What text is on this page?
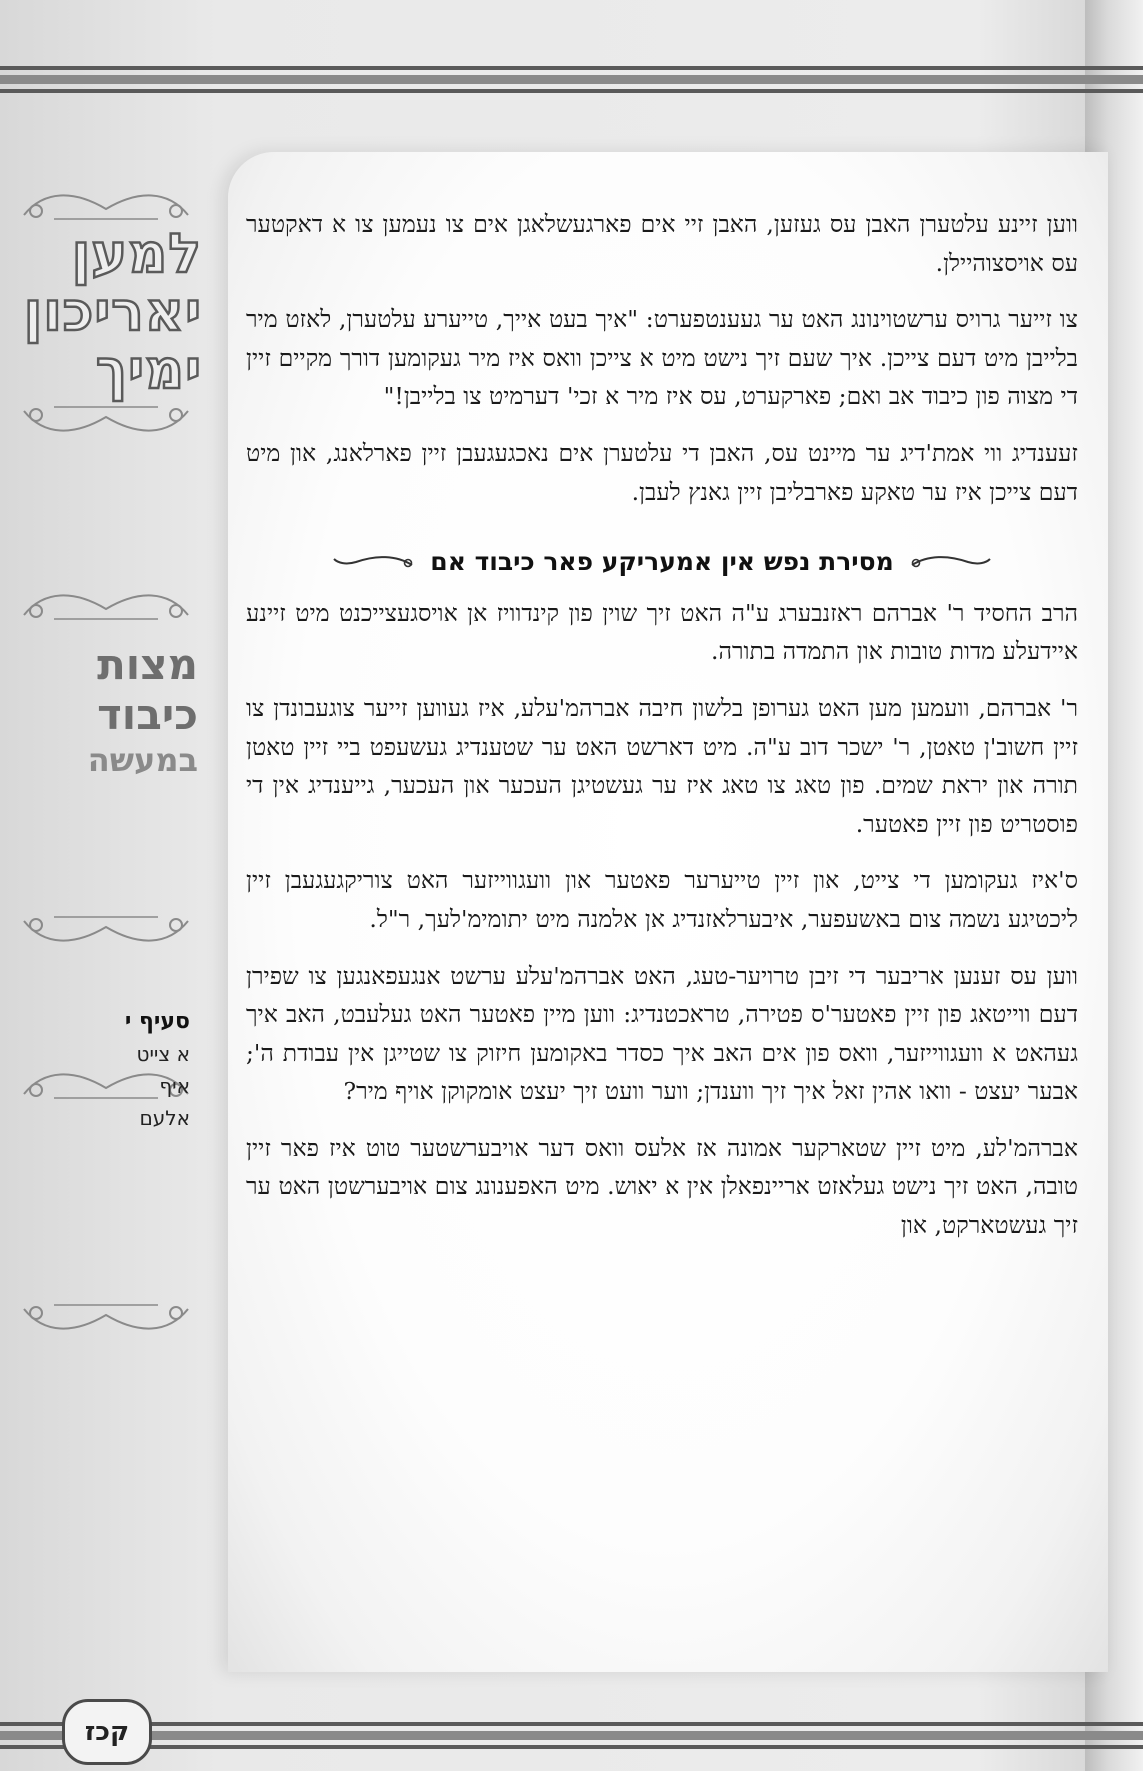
למען
יאריכון
ימיך
מצות
כיבוד
במעשה
סעיף י
א צייט
איף
אלעם

ווען זיינע עלטערן האבן עס געזען, האבן זיי אים פארגעשלאגן אים צו נעמען צו א דאקטער עס אויסצוהיילן.

צו זייער גרויס ערשטוינונג האט ער געענטפערט: "איך בעט אייך, טייערע עלטערן, לאזט מיר בלייבן מיט דעם צייכן. איך שעם זיך נישט מיט א צייכן וואס איז מיר געקומען דורך מקיים זיין די מצוה פון כיבוד אב ואם; פארקערט, עס איז מיר א זכי' דערמיט צו בלייבן!"

זעענדיג ווי אמת'דיג ער מיינט עס, האבן די עלטערן אים נאכגעגעבן זיין פארלאנג, און מיט דעם צייכן איז ער טאקע פארבליבן זיין גאנץ לעבן.

מסירת נפש אין אמעריקע פאר כיבוד אם

הרב החסיד ר' אברהם ראזנבערג ע"ה האט זיך שוין פון קינדוויז אן אויסגעצייכנט מיט זיינע איידעלע מדות טובות און התמדה בתורה.

ר' אברהם, וועמען מען האט גערופן בלשון חיבה אברהמ'עלע, איז געווען זייער צוגעבונדן צו זיין חשוב'ן טאטן, ר' ישכר דוב ע"ה. מיט דארשט האט ער שטענדיג געשעפט ביי זיין טאטן תורה און יראת שמים. פון טאג צו טאג איז ער געשטיגן העכער און העכער, גייענדיג אין די פוסטריט פון זיין פאטער.

ס'איז געקומען די צייט, און זיין טייערער פאטער און וועגווייזער האט צוריקגעגעבן זיין ליכטיגע נשמה צום באשעפער, איבערלאזנדיג אן אלמנה מיט יתומימ'לעך, ר"ל.

ווען עס זענען אריבער די זיבן טרויער-טעג, האט אברהמ'עלע ערשט אנגעפאנגען צו שפירן דעם ווייטאג פון זיין פאטער'ס פטירה, טראכטנדיג: ווען מיין פאטער האט געלעבט, האב איך געהאט א וועגווייזער, וואס פון אים האב איך כסדר באקומען חיזוק צו שטייגן אין עבודת ה'; אבער יעצט - וואו אהין זאל איך זיך ווענדן; ווער וועט זיך יעצט אומקוקן אויף מיר?

אברהמ'לע, מיט זיין שטארקער אמונה אז אלעס וואס דער אויבערשטער טוט איז פאר זיין טובה, האט זיך נישט געלאזט אריינפאלן אין א יאוש. מיט האפענונג צום אויבערשטן האט ער זיך געשטארקט, און

קכז
